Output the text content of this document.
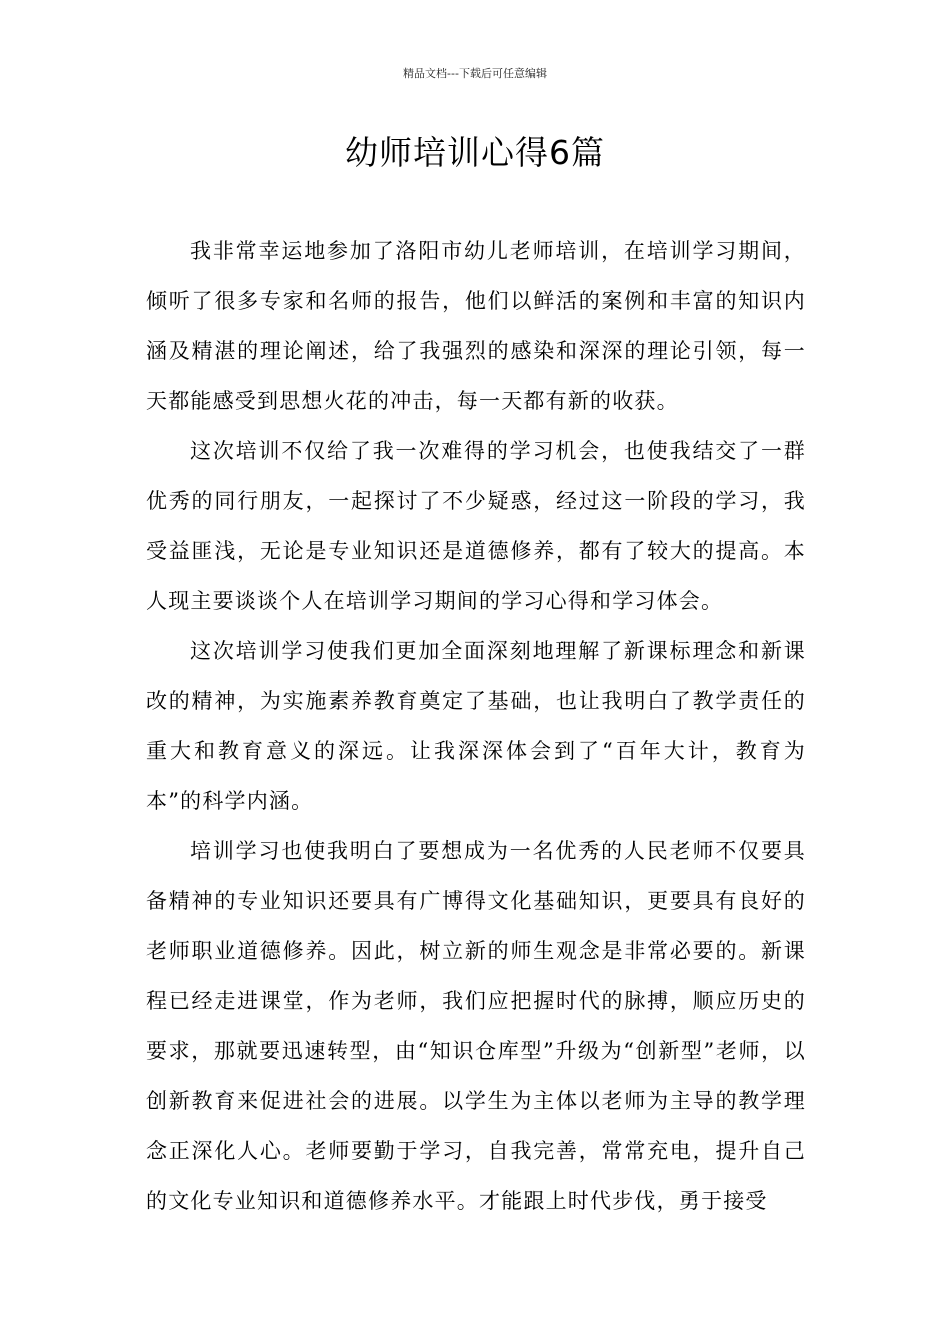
精品文档---下载后可任意编辑
幼师培训心得6篇

我非常幸运地参加了洛阳市幼儿老师培训，在培训学习期间，倾听了很多专家和名师的报告，他们以鲜活的案例和丰富的知识内涵及精湛的理论阐述，给了我强烈的感染和深深的理论引领，每一天都能感受到思想火花的冲击，每一天都有新的收获。

这次培训不仅给了我一次难得的学习机会，也使我结交了一群优秀的同行朋友，一起探讨了不少疑惑，经过这一阶段的学习，我受益匪浅，无论是专业知识还是道德修养，都有了较大的提高。本人现主要谈谈个人在培训学习期间的学习心得和学习体会。

这次培训学习使我们更加全面深刻地理解了新课标理念和新课改的精神，为实施素养教育奠定了基础，也让我明白了教学责任的重大和教育意义的深远。让我深深体会到了“百年大计，教育为本”的科学内涵。

培训学习也使我明白了要想成为一名优秀的人民老师不仅要具备精神的专业知识还要具有广博得文化基础知识，更要具有良好的老师职业道德修养。因此，树立新的师生观念是非常必要的。新课程已经走进课堂，作为老师，我们应把握时代的脉搏，顺应历史的要求，那就要迅速转型，由“知识仓库型”升级为“创新型”老师，以创新教育来促进社会的进展。以学生为主体以老师为主导的教学理念正深化人心。老师要勤于学习，自我完善，常常充电，提升自己的文化专业知识和道德修养水平。才能跟上时代步伐，勇于接受
